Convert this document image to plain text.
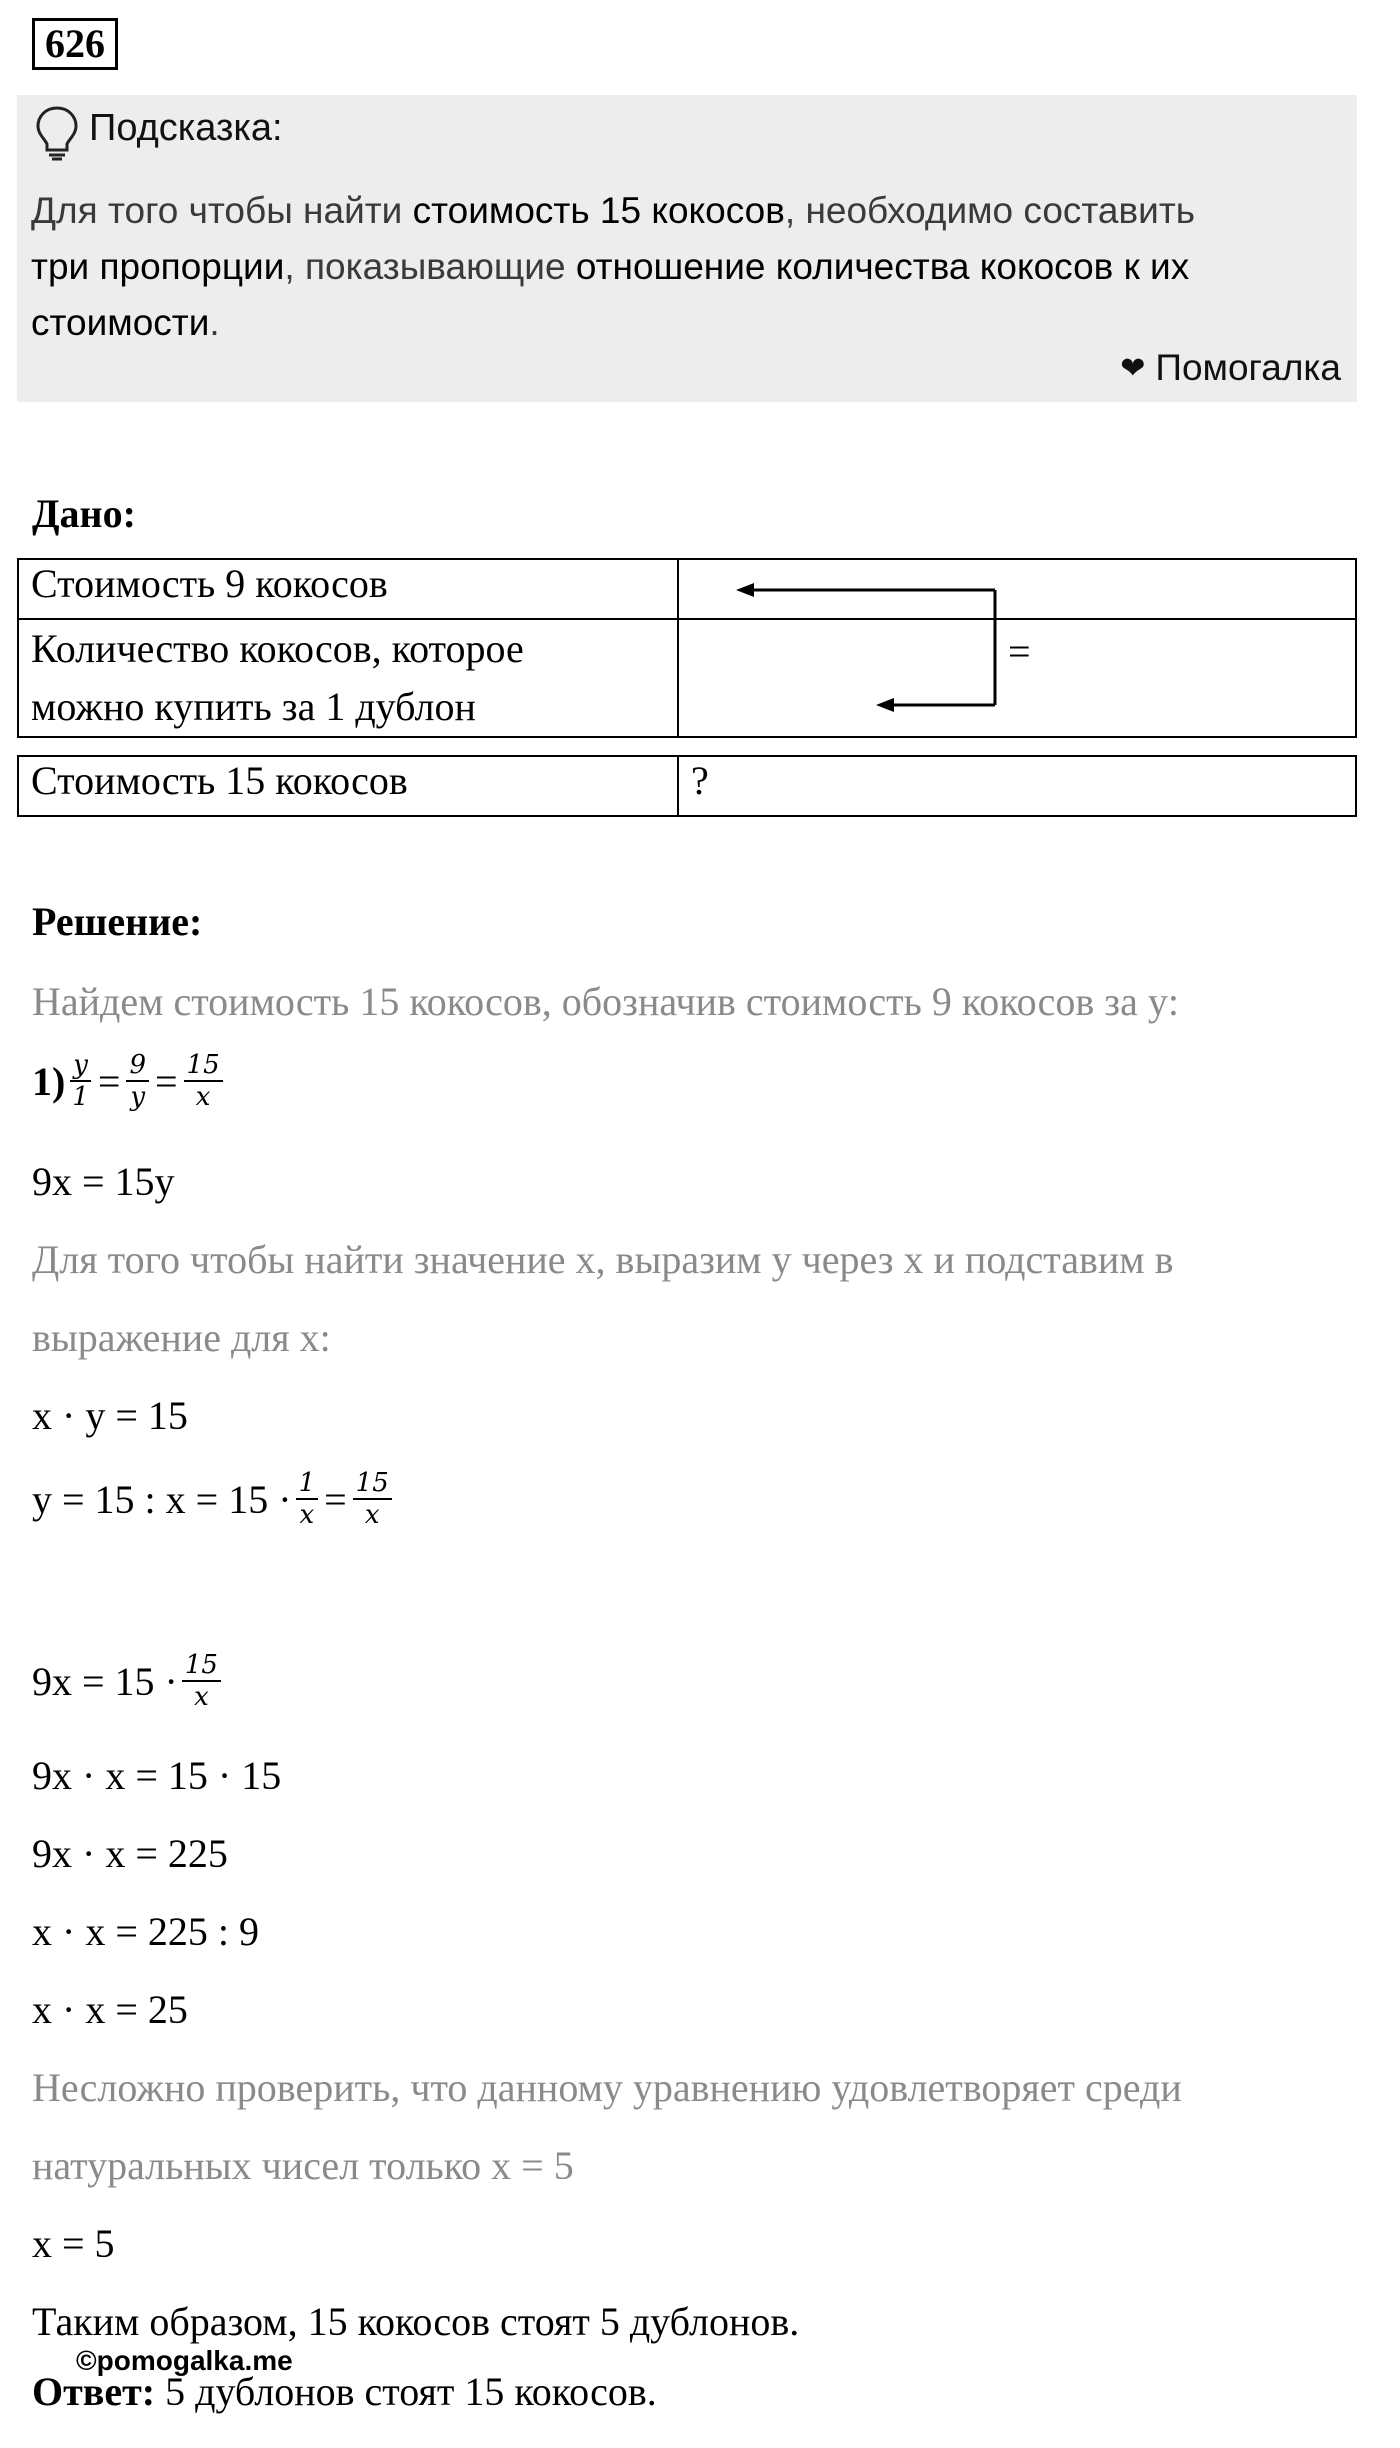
626
Подсказка:
Для того чтобы найти стоимость 15 кокосов, необходимо составить
три пропорции, показывающие отношение количества кокосов к их
стоимости.
❤ Помогалка
Дано:
Стоимость 9 кокосов	
Количество кокосов, которое
можно купить за 1 дублон	
=
Стоимость 15 кокосов	?
Решение:
Найдем стоимость 15 кокосов, обозначив стоимость 9 кокосов за y:
$1) \frac{y}{1} = \frac{9}{y} = \frac{15}{x}$
9x = 15y
Для того чтобы найти значение x, выразим y через x и подставим в
выражение для x:
x · y = 15
y = 15 : $x = 15 \cdot \frac{1}{x} = \frac{15}{x}$
$9x = 15 \cdot \frac{15}{x}$
9x · x = 15 · 15
9x · x = 225
x · x = 225 : 9
x · x = 25
Несложно проверить, что данному уравнению удовлетворяет среди
натуральных чисел только x = 5
x = 5
Таким образом, 15 кокосов стоят 5 дублонов.
©pomogalka.me
Ответ: 5 дублонов стоят 15 кокосов.
